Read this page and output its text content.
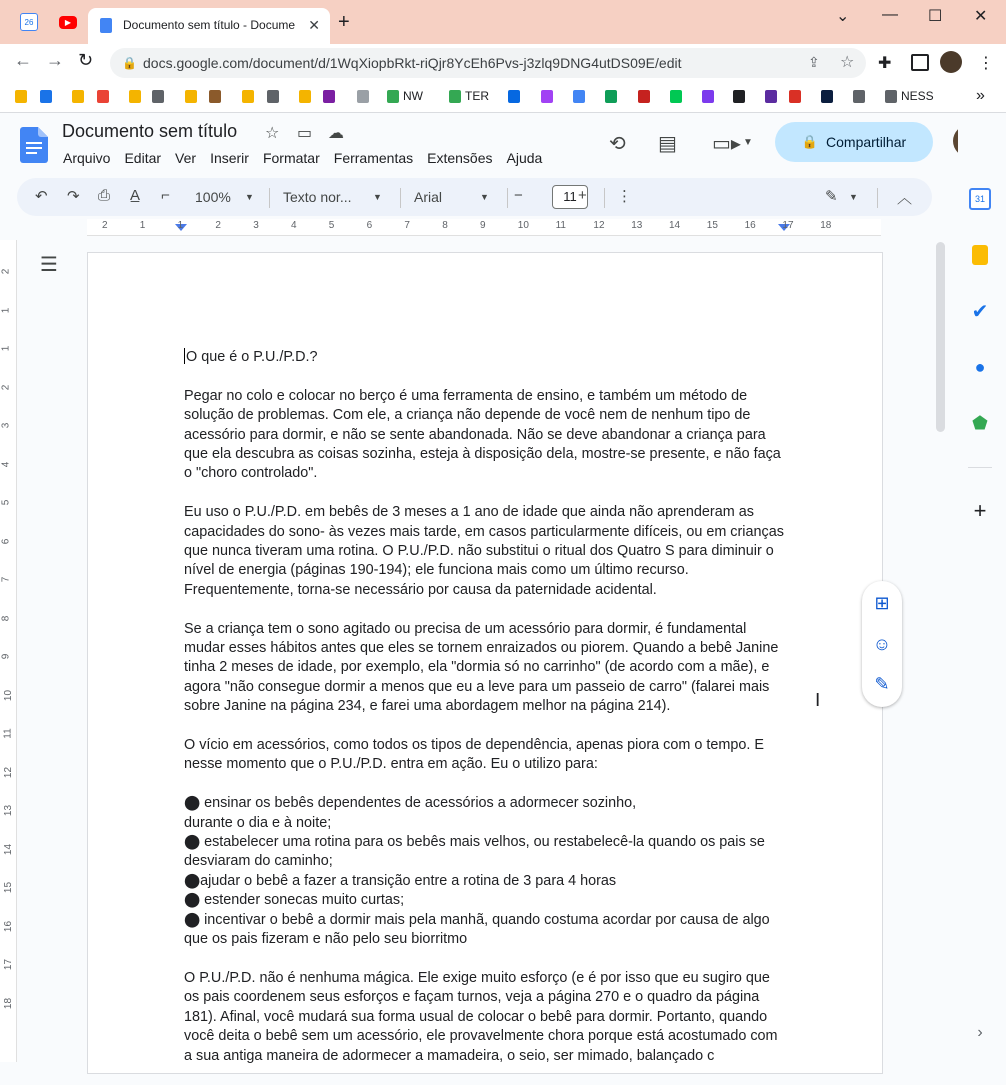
26	▶	Documento sem título - Docume ✕ +	⌄ — ☐ ✕
← → ↻ 🔒 docs.google.com/document/d/1WqXiopbRkt-riQjr8YcEh6Pvs-j3zlq9DNG4utDS09E/edit	⇪ ☆ ✚	⋮
NW	TER	NESS	»
Documento sem título ☆ ▭ ☁
Arquivo Editar Ver Inserir Formatar Ferramentas Extensões Ajuda
⟲ ▤ ▭▸ ▼	🔒 Compartilhar
↶ ↷ ⎙ A̲ ⌐ 100% ▼ Texto nor... ▼ Arial	▼ −	11 + ⋮	✎ ▼	︿
2	1	1	2	3	4	5	6	7	8	9	10	11	12	13	14	15	16	17	18
2
1
1
2
3
4
5
6
7
8
9
10
11
12
13
14
15
16
17
18
☰

O que é o P.U./P.D.?

Pegar no colo e colocar no berço é uma ferramenta de ensino, e também um método de solução de problemas. Com ele, a criança não depende de você nem de nenhum tipo de acessório para dormir, e não se sente abandonada. Não se deve abandonar a criança para que ela descubra as coisas sozinha, esteja à disposição dela, mostre-se presente, e não faça o "choro controlado".

Eu uso o P.U./P.D. em bebês de 3 meses a 1 ano de idade que ainda não aprenderam as capacidades do sono- às vezes mais tarde, em casos particularmente difíceis, ou em crianças que nunca tiveram uma rotina. O P.U./P.D. não substitui o ritual dos Quatro S para diminuir o nível de energia (páginas 190-194); ele funciona mais como um último recurso. Frequentemente, torna-se necessário por causa da paternidade acidental.

Se a criança tem o sono agitado ou precisa de um acessório para dormir, é fundamental mudar esses hábitos antes que eles se tornem enraizados ou piorem. Quando a bebê Janine tinha 2 meses de idade, por exemplo, ela "dormia só no carrinho" (de acordo com a mãe), e agora "não consegue dormir a menos que eu a leve para um passeio de carro" (falarei mais sobre Janine na página 234, e farei uma abordagem melhor na página 214).

O vício em acessórios, como todos os tipos de dependência, apenas piora com o tempo. E nesse momento que o P.U./P.D. entra em ação. Eu o utilizo para:

⬤ ensinar os bebês dependentes de acessórios a adormecer sozinho,

durante o dia e à noite;

⬤ estabelecer uma rotina para os bebês mais velhos, ou restabelecê-la quando os pais se desviaram do caminho;

⬤ajudar o bebê a fazer a transição entre a rotina de 3 para 4 horas

⬤ estender sonecas muito curtas;

⬤ incentivar o bebê a dormir mais pela manhã, quando costuma acordar por causa de algo que os pais fizeram e não pelo seu biorritmo

O P.U./P.D. não é nenhuma mágica. Ele exige muito esforço (e é por isso que eu sugiro que os pais coordenem seus esforços e façam turnos, veja a página 270 e o quadro da página 181). Afinal, você mudará sua forma usual de colocar o bebê para dormir. Portanto, quando você deita o bebê sem um acessório, ele provavelmente chora porque está acostumado com a sua antiga maneira de adormecer a mamadeira, o seio, ser mimado, balançado c

⊞
☺
✎
I
31
✔
●
⬟
+
›
